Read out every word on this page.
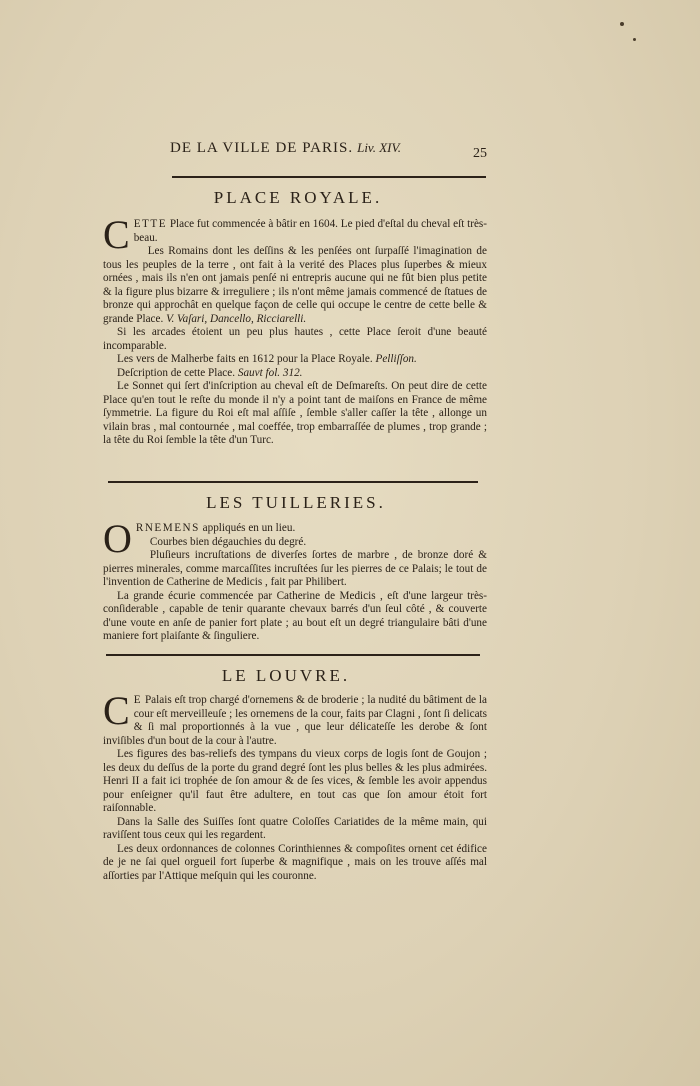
DE LA VILLE DE PARIS. Liv. XIV.	25
PLACE ROYALE.

CETTE Place fut commencée à bâtir en 1604. Le pied d'eſtal du cheval eſt très-beau.

Les Romains dont les deſſins & les penſées ont ſurpaſſé l'imagination de tous les peuples de la terre , ont fait à la verité des Places plus ſuperbes & mieux ornées , mais ils n'en ont jamais penſé ni entrepris aucune qui ne fût bien plus petite & la figure plus bizarre & irreguliere ; ils n'ont même jamais commencé de ſtatues de bronze qui approchât en quelque façon de celle qui occupe le centre de cette belle & grande Place. V. Vaſari, Dancello, Ricciarelli.

Si les arcades étoient un peu plus hautes , cette Place ſeroit d'une beauté incomparable.

Les vers de Malherbe faits en 1612 pour la Place Royale. Pelliſſon.

Deſcription de cette Place. Sauvt fol. 312.

Le Sonnet qui ſert d'inſcription au cheval eſt de Deſmareſts. On peut dire de cette Place qu'en tout le reſte du monde il n'y a point tant de maiſons en France de même ſymmetrie. La figure du Roi eſt mal aſſiſe , ſemble s'aller caſſer la tête , allonge un vilain bras , mal contournée , mal coeffée, trop embarraſſée de plumes , trop grande ; la tête du Roi ſemble la tête d'un Turc.

LES TUILLERIES.

ORNEMENS appliqués en un lieu.

Courbes bien dégauchies du degré.

Pluſieurs incruſtations de diverſes ſortes de marbre , de bronze doré & pierres minerales, comme marcaſſites incruſtées ſur les pierres de ce Palais; le tout de l'invention de Catherine de Medicis , fait par Philibert.

La grande écurie commencée par Catherine de Medicis , eſt d'une largeur très-conſiderable , capable de tenir quarante chevaux barrés d'un ſeul côté , & couverte d'une voute en anſe de panier fort plate ; au bout eſt un degré triangulaire bâti d'une maniere fort plaiſante & ſinguliere.

LE LOUVRE.

C E Palais eſt trop chargé d'ornemens & de broderie ; la nudité du bâtiment de la cour eſt merveilleuſe ; les ornemens de la cour, faits par Clagni , ſont ſi delicats & ſi mal proportionnés à la vue , que leur délicateſſe les derobe & ſont inviſibles d'un bout de la cour à l'autre.

Les figures des bas-reliefs des tympans du vieux corps de logis ſont de Goujon ; les deux du deſſus de la porte du grand degré ſont les plus belles & les plus admirées. Henri II a fait ici trophée de ſon amour & de ſes vices, & ſemble les avoir appendus pour enſeigner qu'il faut être adultere, en tout cas que ſon amour étoit fort raiſonnable.

Dans la Salle des Suiſſes ſont quatre Coloſſes Cariatides de la même main, qui raviſſent tous ceux qui les regardent.

Les deux ordonnances de colonnes Corinthiennes & compoſites ornent cet édifice de je ne ſai quel orgueil fort ſuperbe & magnifique , mais on les trouve aſſés mal aſſorties par l'Attique meſquin qui les couronne.
